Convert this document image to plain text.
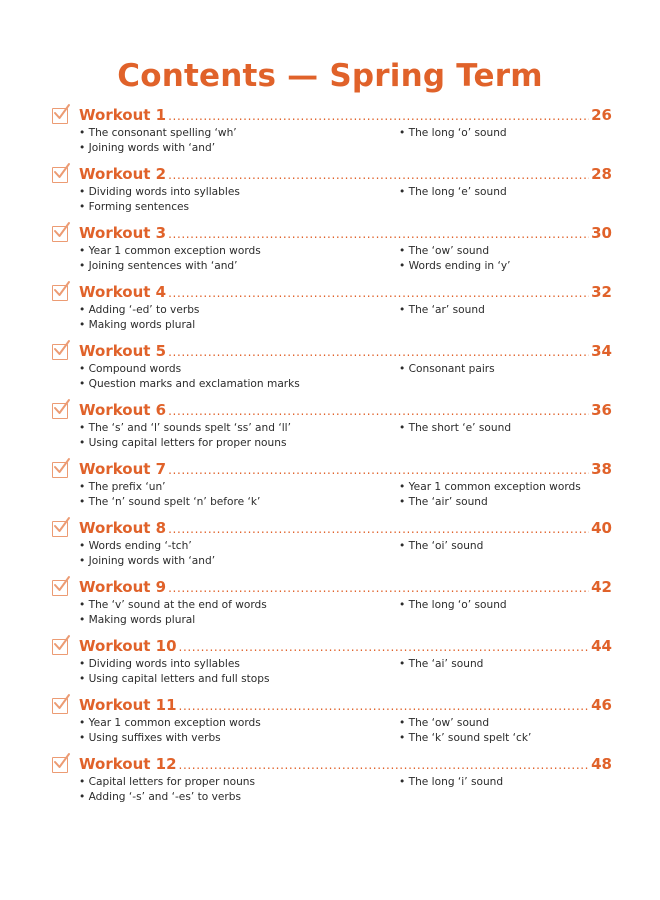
Contents — Spring Term
Workout 1 .....	26
• The consonant spelling ‘wh’
• Joining words with ‘and’
• The long ‘o’ sound
Workout 2 .....	28
• Dividing words into syllables
• Forming sentences
• The long ‘e’ sound
Workout 3 .....	30
• Year 1 common exception words
• Joining sentences with ‘and’
• The ‘ow’ sound
• Words ending in ‘y’
Workout 4 .....	32
• Adding ‘-ed’ to verbs
• Making words plural
• The ‘ar’ sound
Workout 5 .....	34
• Compound words
• Question marks and exclamation marks
• Consonant pairs
Workout 6 .....	36
• The ‘s’ and ‘l’ sounds spelt ‘ss’ and ‘ll’
• Using capital letters for proper nouns
• The short ‘e’ sound
Workout 7 .....	38
• The prefix ‘un’
• The ‘n’ sound spelt ‘n’ before ‘k’
• Year 1 common exception words
• The ‘air’ sound
Workout 8 .....	40
• Words ending ‘-tch’
• Joining words with ‘and’
• The ‘oi’ sound
Workout 9 .....	42
• The ‘v’ sound at the end of words
• Making words plural
• The long ‘o’ sound
Workout 10 .....	44
• Dividing words into syllables
• Using capital letters and full stops
• The ‘ai’ sound
Workout 11 .....	46
• Year 1 common exception words
• Using suffixes with verbs
• The ‘ow’ sound
• The ‘k’ sound spelt ‘ck’
Workout 12 .....	48
• Capital letters for proper nouns
• Adding ‘-s’ and ‘-es’ to verbs
• The long ‘i’ sound
